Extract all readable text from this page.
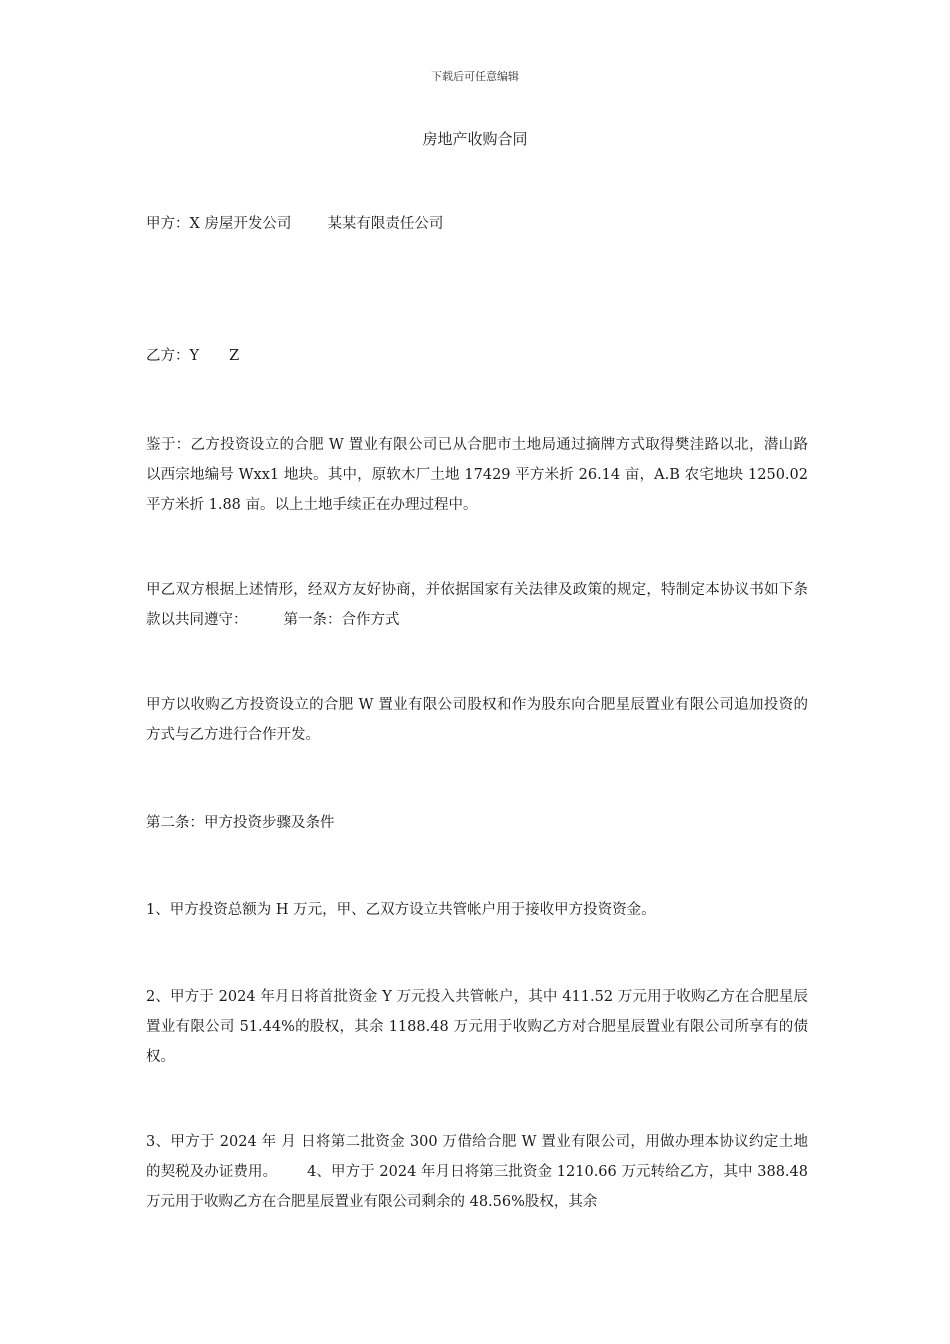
下载后可任意编辑
房地产收购合同

甲方：X 房屋开发公司 某某有限责任公司

乙方：Y Z

鉴于：乙方投资设立的合肥 W 置业有限公司已从合肥市土地局通过摘牌方式取得樊洼路以北，潜山路以西宗地编号 Wxx1 地块。其中，原软木厂土地 17429 平方米折 26.14 亩，A.B 农宅地块 1250.02 平方米折 1.88 亩。以上土地手续正在办理过程中。

甲乙双方根据上述情形，经双方友好协商，并依据国家有关法律及政策的规定，特制定本协议书如下条款以共同遵守： 第一条：合作方式

甲方以收购乙方投资设立的合肥 W 置业有限公司股权和作为股东向合肥星辰置业有限公司追加投资的方式与乙方进行合作开发。

第二条：甲方投资步骤及条件

1、甲方投资总额为 H 万元，甲、乙双方设立共管帐户用于接收甲方投资资金。

2、甲方于 2024 年月日将首批资金 Y 万元投入共管帐户，其中 411.52 万元用于收购乙方在合肥星辰置业有限公司 51.44%的股权，其余 1188.48 万元用于收购乙方对合肥星辰置业有限公司所享有的债权。

3、甲方于 2024 年 月 日将第二批资金 300 万借给合肥 W 置业有限公司，用做办理本协议约定土地的契税及办证费用。 4、甲方于 2024 年月日将第三批资金 1210.66 万元转给乙方，其中 388.48 万元用于收购乙方在合肥星辰置业有限公司剩余的 48.56%股权，其余
